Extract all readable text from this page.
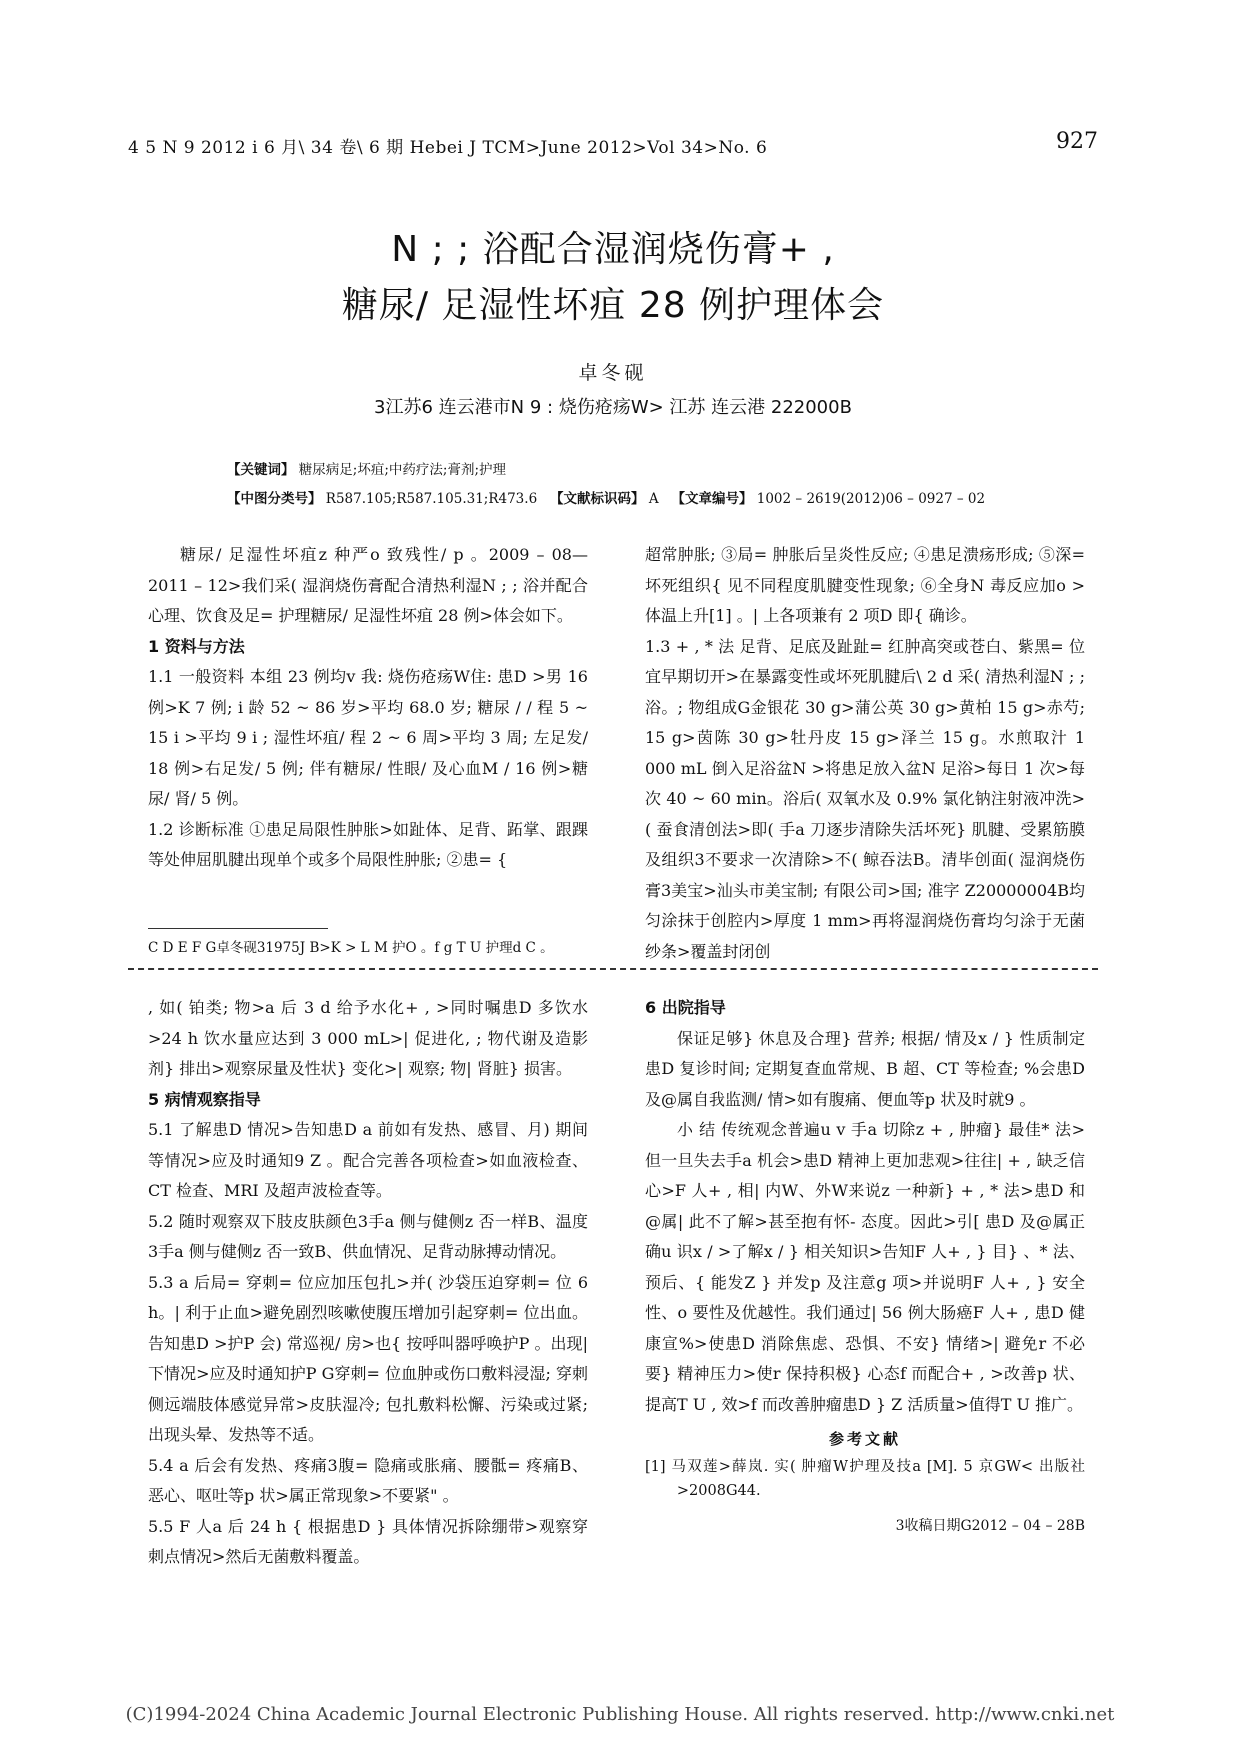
4 5 N 9 2012 i 6 月\ 34 卷\ 6 期 Hebei J TCM>June 2012>Vol 34>No. 6	927
N ; ; 浴配合湿润烧伤膏+ ,
糖尿/ 足湿性坏疽 28 例护理体会
卓冬砚
3江苏6 连云港市N 9 : 烧伤疮疡W> 江苏 连云港 222000B
【关键词】 糖尿病足;坏疽;中药疗法;膏剂;护理
【中图分类号】 R587.105;R587.105.31;R473.6 【文献标识码】 A 【文章编号】 1002 – 2619(2012)06 – 0927 – 02

糖尿/ 足湿性坏疽z 种严o 致残性/ p 。2009 – 08—2011 – 12>我们采( 湿润烧伤膏配合清热利湿N ; ; 浴并配合心理、饮食及足= 护理糖尿/ 足湿性坏疽 28 例>体会如下。

1 资料与方法

1.1 一般资料 本组 23 例均v 我: 烧伤疮疡W住: 患D >男 16 例>K 7 例; i 龄 52 ~ 86 岁>平均 68.0 岁; 糖尿 / / 程 5 ~ 15 i >平均 9 i ; 湿性坏疽/ 程 2 ~ 6 周>平均 3 周; 左足发/ 18 例>右足发/ 5 例; 伴有糖尿/ 性眼/ 及心血M / 16 例>糖尿/ 肾/ 5 例。

1.2 诊断标准 ①患足局限性肿胀>如趾体、足背、跖掌、跟踝等处伸屈肌腱出现单个或多个局限性肿胀; ②患= {

超常肿胀; ③局= 肿胀后呈炎性反应; ④患足溃疡形成; ⑤深= 坏死组织{ 见不同程度肌腱变性现象; ⑥全身N 毒反应加o >体温上升[1] 。| 上各项兼有 2 项D 即{ 确诊。

1.3 + , * 法 足背、足底及趾趾= 红肿高突或苍白、紫黑= 位宜早期切开>在暴露变性或坏死肌腱后\ 2 d 采( 清热利湿N ; ; 浴。; 物组成G金银花 30 g>蒲公英 30 g>黄柏 15 g>赤芍; 15 g>茵陈 30 g>牡丹皮 15 g>泽兰 15 g。水煎取汁 1 000 mL 倒入足浴盆N >将患足放入盆N 足浴>每日 1 次>每次 40 ~ 60 min。浴后( 双氧水及 0.9% 氯化钠注射液冲洗>( 蚕食清创法>即( 手a 刀逐步清除失活坏死} 肌腱、受累筋膜及组织3不要求一次清除>不( 鲸吞法B。清毕创面( 湿润烧伤膏3美宝>汕头市美宝制; 有限公司>国; 准字 Z20000004B均匀涂抹于创腔内>厚度 1 mm>再将湿润烧伤膏均匀涂于无菌纱条>覆盖封闭创

C D E F G卓冬砚31975J B>K > L M 护O 。f g T U 护理d C 。

, 如( 铂类; 物>a 后 3 d 给予水化+ , >同时嘱患D 多饮水>24 h 饮水量应达到 3 000 mL>| 促进化, ; 物代谢及造影剂} 排出>观察尿量及性状} 变化>| 观察; 物| 肾脏} 损害。

5 病情观察指导

5.1 了解患D 情况>告知患D a 前如有发热、感冒、月) 期间等情况>应及时通知9 Z 。配合完善各项检查>如血液检查、CT 检查、MRI 及超声波检查等。

5.2 随时观察双下肢皮肤颜色3手a 侧与健侧z 否一样B、温度3手a 侧与健侧z 否一致B、供血情况、足背动脉搏动情况。

5.3 a 后局= 穿刺= 位应加压包扎>并( 沙袋压迫穿刺= 位 6 h。| 利于止血>避免剧烈咳嗽使腹压增加引起穿刺= 位出血。告知患D >护P 会) 常巡视/ 房>也{ 按呼叫器呼唤护P 。出现| 下情况>应及时通知护P G穿刺= 位血肿或伤口敷料浸湿; 穿刺侧远端肢体感觉异常>皮肤湿冷; 包扎敷料松懈、污染或过紧; 出现头晕、发热等不适。

5.4 a 后会有发热、疼痛3腹= 隐痛或胀痛、腰骶= 疼痛B、恶心、呕吐等p 状>属正常现象>不要紧" 。

5.5 F 人a 后 24 h { 根据患D } 具体情况拆除绷带>观察穿刺点情况>然后无菌敷料覆盖。

6 出院指导

保证足够} 休息及合理} 营养; 根据/ 情及x / } 性质制定患D 复诊时间; 定期复查血常规、B 超、CT 等检查; %会患D 及@属自我监测/ 情>如有腹痛、便血等p 状及时就9 。

小 结 传统观念普遍u v 手a 切除z + , 肿瘤} 最佳* 法>但一旦失去手a 机会>患D 精神上更加悲观>往往| + , 缺乏信心>F 人+ , 相| 内W、外W来说z 一种新} + , * 法>患D 和@属| 此不了解>甚至抱有怀- 态度。因此>引[ 患D 及@属正确u 识x / >了解x / } 相关知识>告知F 人+ , } 目} 、* 法、预后、{ 能发Z } 并发p 及注意g 项>并说明F 人+ , } 安全性、o 要性及优越性。我们通过| 56 例大肠癌F 人+ , 患D 健康宣%>使患D 消除焦虑、恐惧、不安} 情绪>| 避免r 不必要} 精神压力>使r 保持积极} 心态f 而配合+ , >改善p 状、提高T U , 效>f 而改善肿瘤患D } Z 活质量>值得T U 推广。

参考文献
[1] 马双莲>薛岚. 实( 肿瘤W护理及技a [M]. 5 京GW< 出版社>2008G44.
3收稿日期G2012 – 04 – 28B
(C)1994-2024 China Academic Journal Electronic Publishing House. All rights reserved. http://www.cnki.net
